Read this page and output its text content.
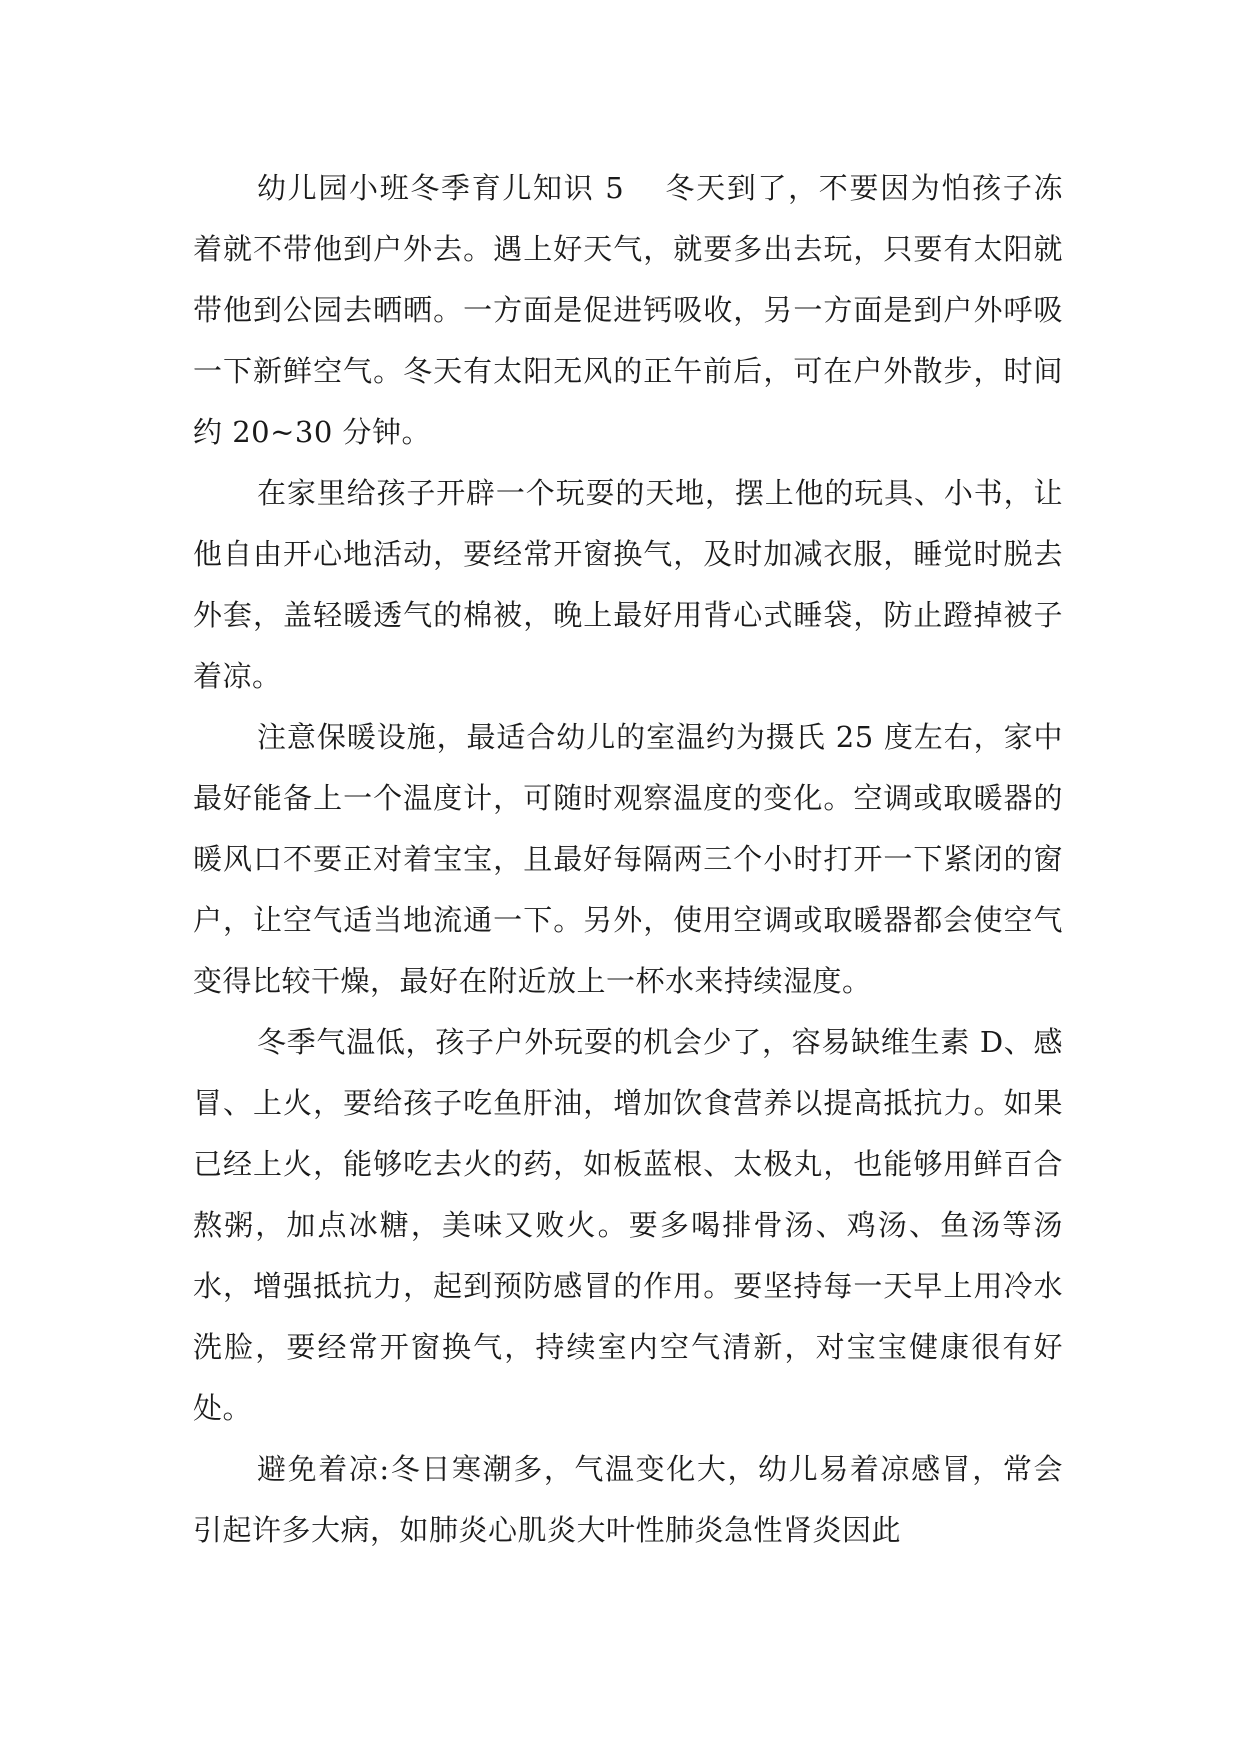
幼儿园小班冬季育儿知识 5 冬天到了，不要因为怕孩子冻着就不带他到户外去。遇上好天气，就要多出去玩，只要有太阳就带他到公园去晒晒。一方面是促进钙吸收，另一方面是到户外呼吸一下新鲜空气。冬天有太阳无风的正午前后，可在户外散步，时间约 20~30 分钟。

在家里给孩子开辟一个玩耍的天地，摆上他的玩具、小书，让他自由开心地活动，要经常开窗换气，及时加减衣服，睡觉时脱去外套，盖轻暖透气的棉被，晚上最好用背心式睡袋，防止蹬掉被子着凉。

注意保暖设施，最适合幼儿的室温约为摄氏 25 度左右，家中最好能备上一个温度计，可随时观察温度的变化。空调或取暖器的暖风口不要正对着宝宝，且最好每隔两三个小时打开一下紧闭的窗户，让空气适当地流通一下。另外，使用空调或取暖器都会使空气变得比较干燥，最好在附近放上一杯水来持续湿度。

冬季气温低，孩子户外玩耍的机会少了，容易缺维生素 D、感冒、上火，要给孩子吃鱼肝油，增加饮食营养以提高抵抗力。如果已经上火，能够吃去火的药，如板蓝根、太极丸，也能够用鲜百合熬粥，加点冰糖，美味又败火。要多喝排骨汤、鸡汤、鱼汤等汤水，增强抵抗力，起到预防感冒的作用。要坚持每一天早上用冷水洗脸，要经常开窗换气，持续室内空气清新，对宝宝健康很有好处。

避免着凉:冬日寒潮多，气温变化大，幼儿易着凉感冒，常会引起许多大病，如肺炎心肌炎大叶性肺炎急性肾炎因此
